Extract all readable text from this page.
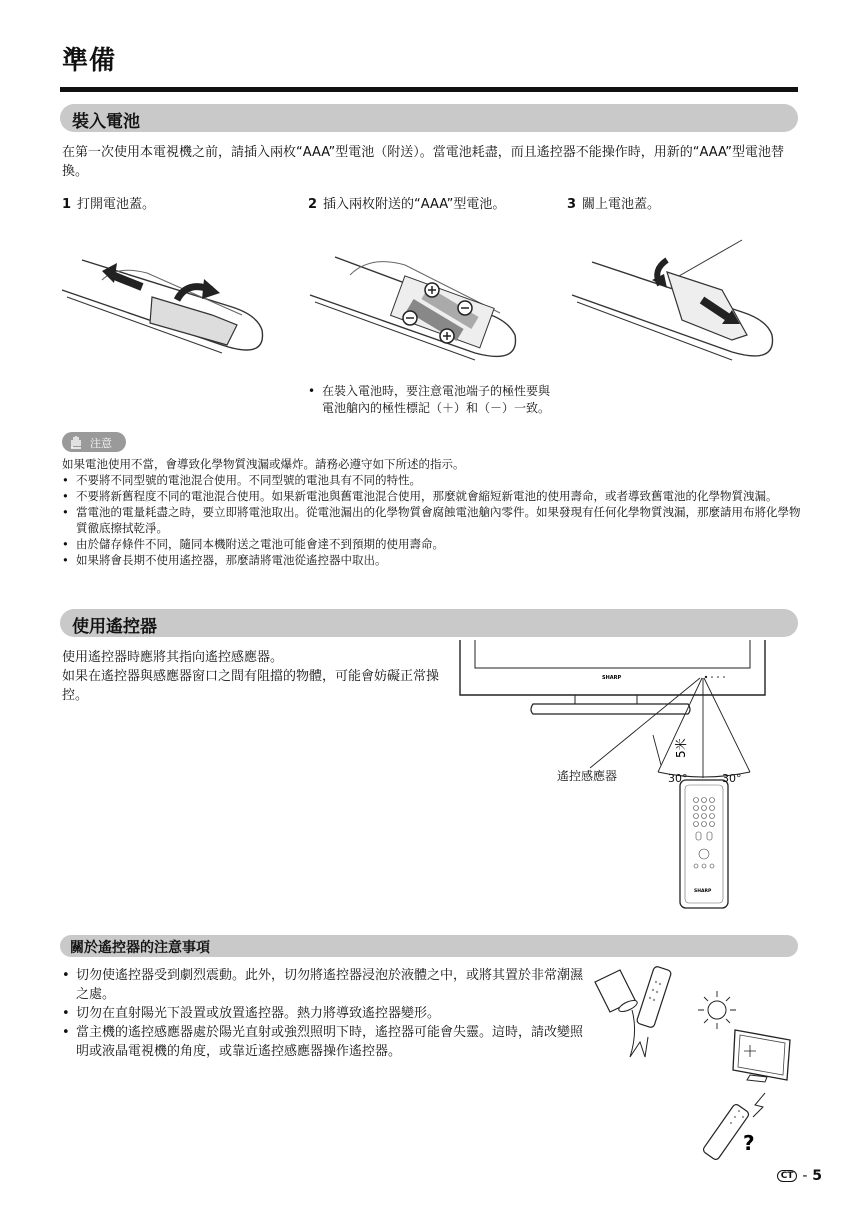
準備
裝入電池
在第一次使用本電視機之前，請插入兩枚“AAA”型電池（附送）。當電池耗盡，而且遙控器不能操作時，用新的“AAA”型電池替換。
1 打開電池蓋。	2 插入兩枚附送的“AAA”型電池。	3 關上電池蓋。
• 在裝入電池時，要注意電池端子的極性要與電池艙內的極性標記（＋）和（－）一致。
注意
如果電池使用不當，會導致化學物質洩漏或爆炸。請務必遵守如下所述的指示。
• 不要將不同型號的電池混合使用。不同型號的電池具有不同的特性。
• 不要將新舊程度不同的電池混合使用。如果新電池與舊電池混合使用，那麼就會縮短新電池的使用壽命，或者導致舊電池的化學物質洩漏。
• 當電池的電量耗盡之時，要立即將電池取出。從電池漏出的化學物質會腐蝕電池艙內零件。如果發現有任何化學物質洩漏，那麼請用布將化學物質徹底擦拭乾淨。
• 由於儲存條件不同，隨同本機附送之電池可能會達不到預期的使用壽命。
• 如果將會長期不使用遙控器，那麼請將電池從遙控器中取出。
使用遙控器
使用遙控器時應將其指向遙控感應器。
如果在遙控器與感應器窗口之間有阻擋的物體，可能會妨礙正常操控。
SHARP
5米
SHARP
遙控感應器	30°	30°
關於遙控器的注意事項
• 切勿使遙控器受到劇烈震動。此外，切勿將遙控器浸泡於液體之中，或將其置於非常潮濕之處。
• 切勿在直射陽光下設置或放置遙控器。熱力將導致遙控器變形。
• 當主機的遙控感應器處於陽光直射或強烈照明下時，遙控器可能會失靈。這時，請改變照明或液晶電視機的角度，或靠近遙控感應器操作遙控器。
?
CT - 5
